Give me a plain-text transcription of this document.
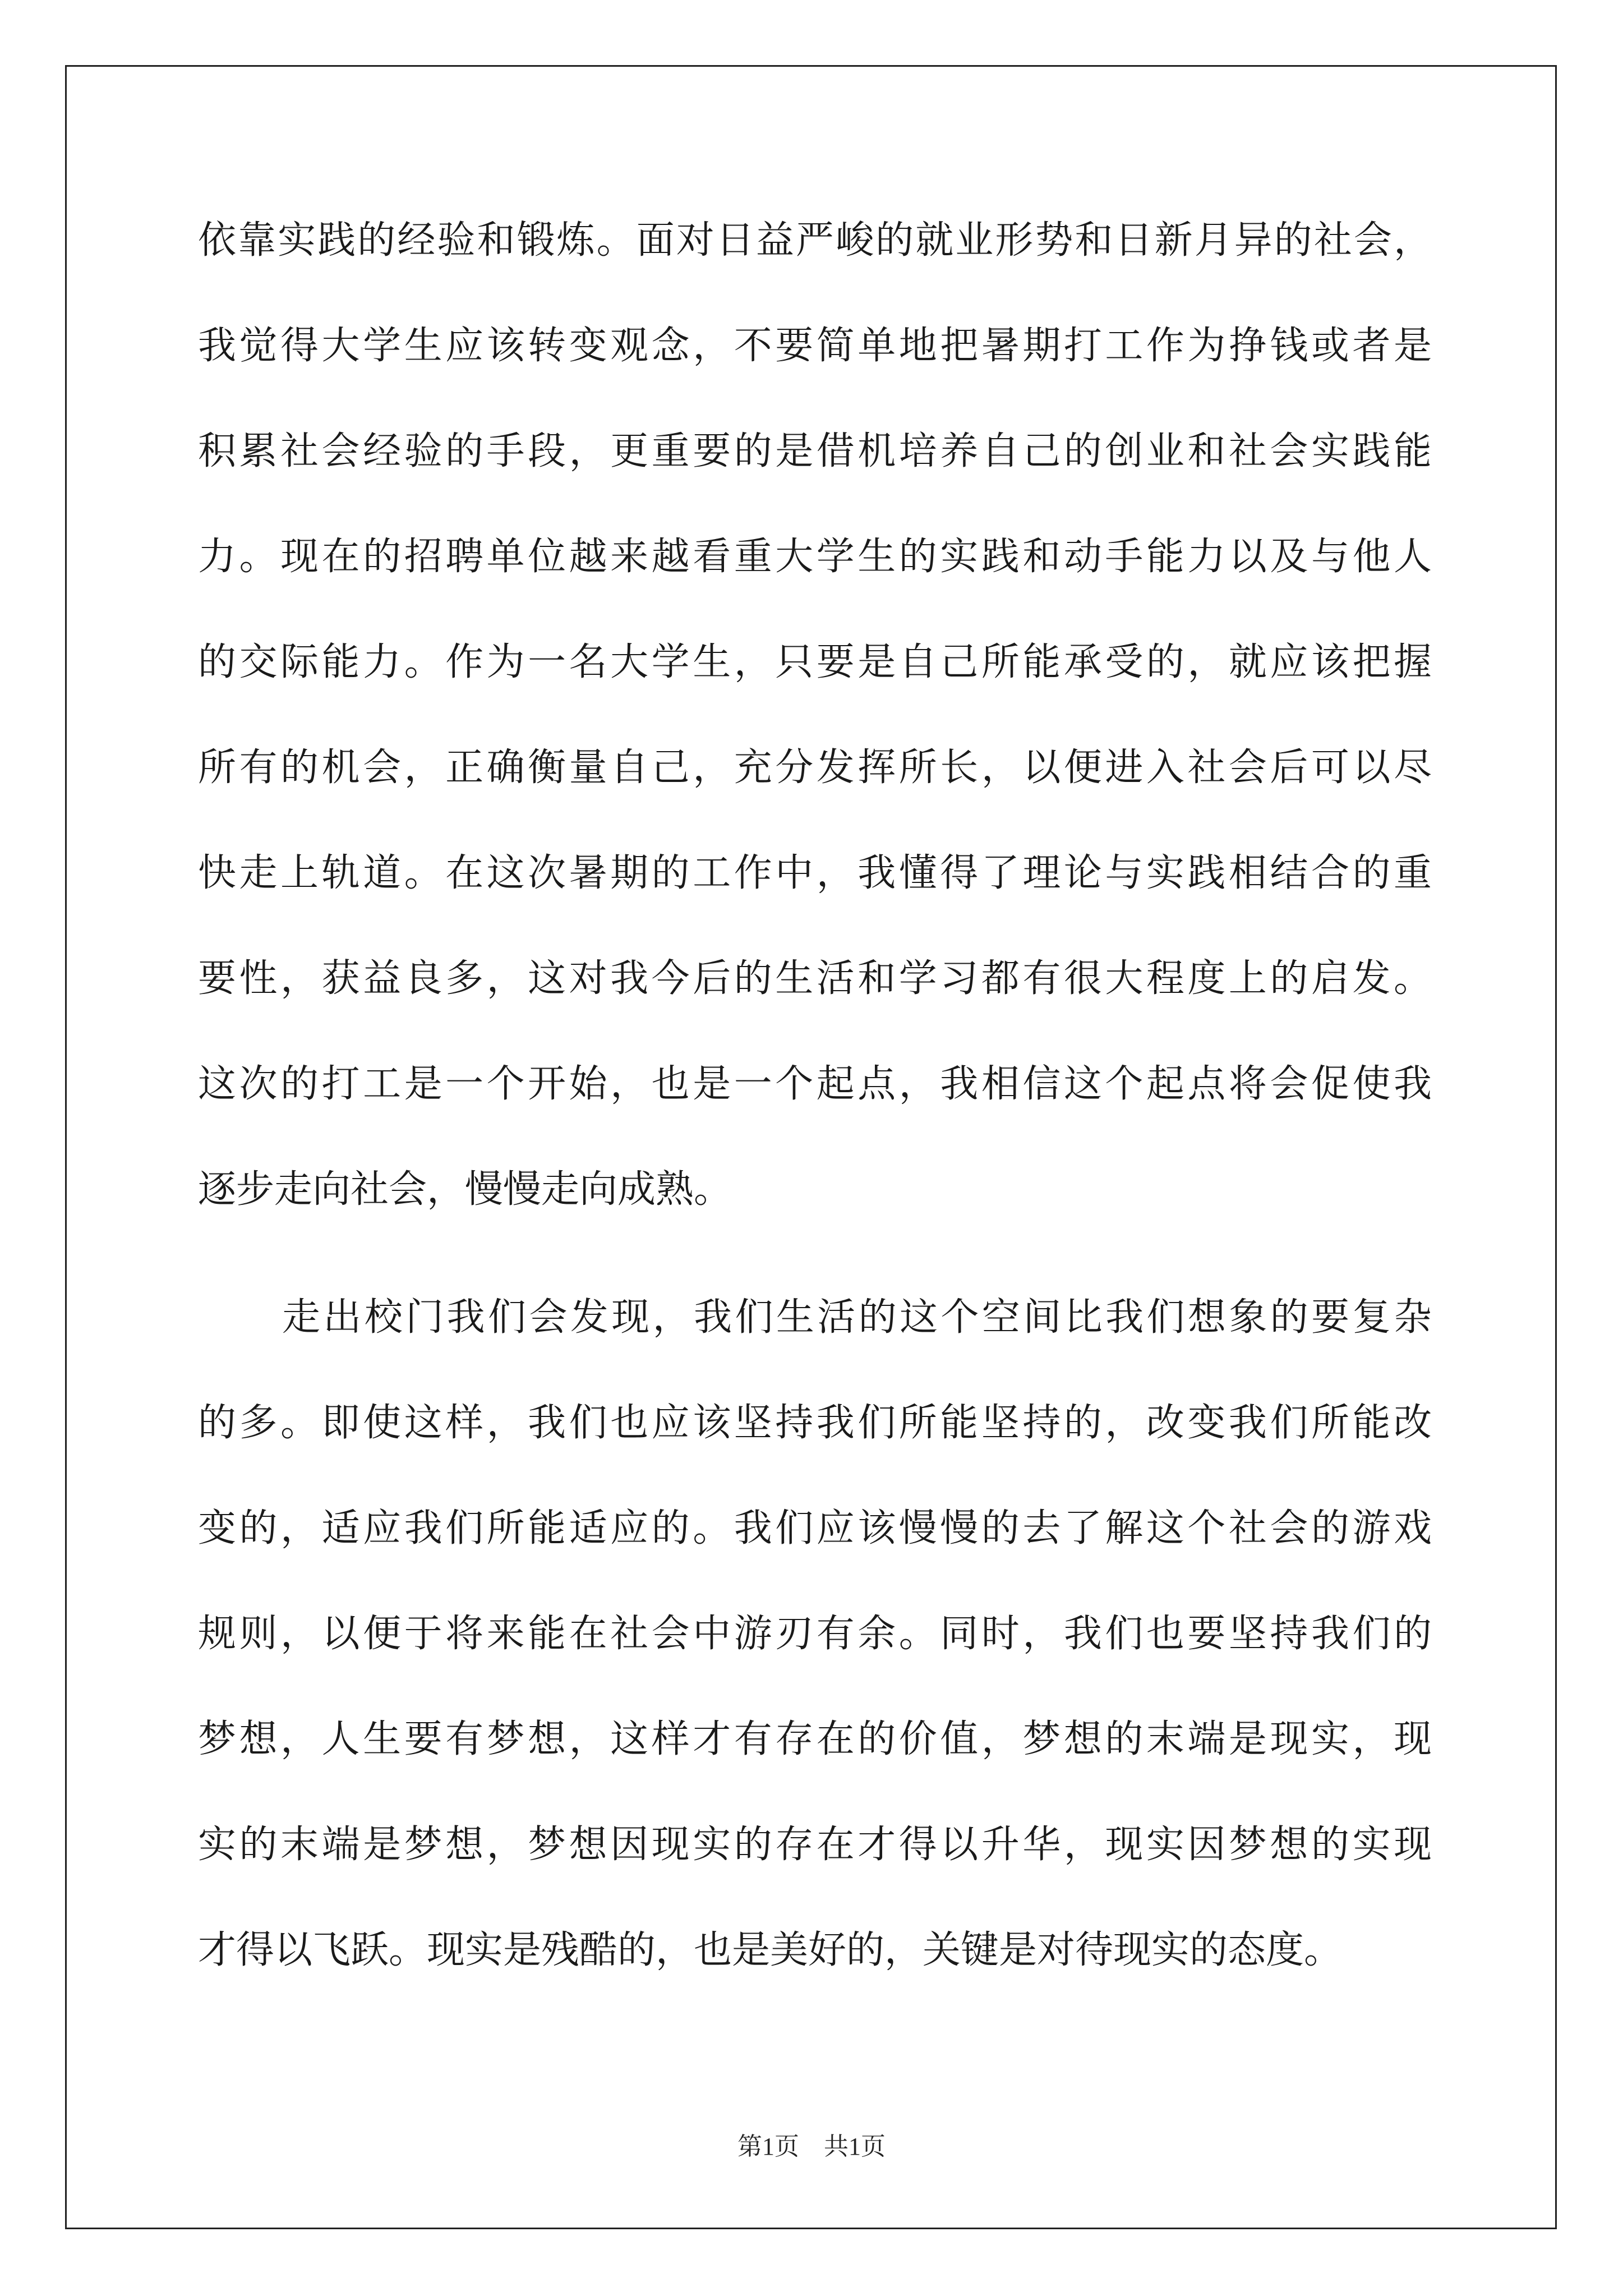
依靠实践的经验和锻炼。面对日益严峻的就业形势和日新月异的社会，
我觉得大学生应该转变观念，不要简单地把暑期打工作为挣钱或者是
积累社会经验的手段，更重要的是借机培养自己的创业和社会实践能
力。现在的招聘单位越来越看重大学生的实践和动手能力以及与他人
的交际能力。作为一名大学生，只要是自己所能承受的，就应该把握
所有的机会，正确衡量自己，充分发挥所长，以便进入社会后可以尽
快走上轨道。在这次暑期的工作中，我懂得了理论与实践相结合的重
要性，获益良多，这对我今后的生活和学习都有很大程度上的启发。
这次的打工是一个开始，也是一个起点，我相信这个起点将会促使我
逐步走向社会，慢慢走向成熟。
走出校门我们会发现，我们生活的这个空间比我们想象的要复杂
的多。即使这样，我们也应该坚持我们所能坚持的，改变我们所能改
变的，适应我们所能适应的。我们应该慢慢的去了解这个社会的游戏
规则，以便于将来能在社会中游刃有余。同时，我们也要坚持我们的
梦想，人生要有梦想，这样才有存在的价值，梦想的末端是现实，现
实的末端是梦想，梦想因现实的存在才得以升华，现实因梦想的实现
才得以飞跃。现实是残酷的，也是美好的，关键是对待现实的态度。
第1页　共1页
